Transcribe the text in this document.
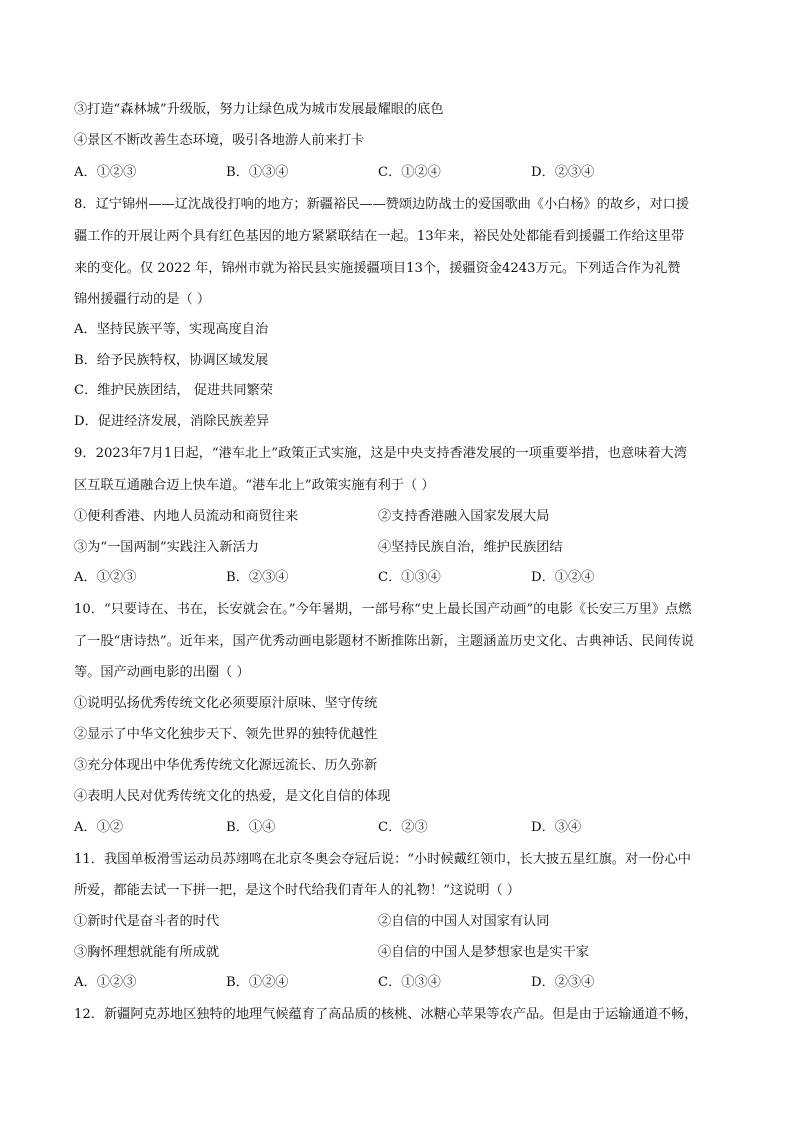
③打造“森林城”升级版，努力让绿色成为城市发展最耀眼的底色
④景区不断改善生态环境，吸引各地游人前来打卡
A．①②③	B．①③④	C．①②④	D．②③④
8．辽宁锦州——辽沈战役打响的地方；新疆裕民——赞颂边防战士的爱国歌曲《小白杨》的故乡，对口援
疆工作的开展让两个具有红色基因的地方紧紧联结在一起。13年来，裕民处处都能看到援疆工作给这里带
来的变化。仅 2022 年，锦州市就为裕民县实施援疆项目13个，援疆资金4243万元。下列适合作为礼赞
锦州援疆行动的是（ ）
A．坚持民族平等，实现高度自治
B．给予民族特权，协调区域发展
C．维护民族团结， 促进共同繁荣
D．促进经济发展，消除民族差异
9．2023年7月1日起，“港车北上”政策正式实施，这是中央支持香港发展的一项重要举措，也意味着大湾
区互联互通融合迈上快车道。“港车北上”政策实施有利于（ ）
①便利香港、内地人员流动和商贸往来	②支持香港融入国家发展大局
③为“一国两制”实践注入新活力	④坚持民族自治，维护民族团结
A．①②③	B．②③④	C．①③④	D．①②④
10．“只要诗在、书在，长安就会在。”今年暑期，一部号称“史上最长国产动画”的电影《长安三万里》点燃
了一股“唐诗热”。近年来，国产优秀动画电影题材不断推陈出新，主题涵盖历史文化、古典神话、民间传说
等。国产动画电影的出圈（ ）
①说明弘扬优秀传统文化必须要原汁原味、坚守传统
②显示了中华文化独步天下、领先世界的独特优越性
③充分体现出中华优秀传统文化源远流长、历久弥新
④表明人民对优秀传统文化的热爱，是文化自信的体现
A．①②	B．①④	C．②③	D．③④
11．我国单板滑雪运动员苏翊鸣在北京冬奥会夺冠后说：“小时候戴红领巾，长大披五星红旗。对一份心中
所爱，都能去试一下拼一把，是这个时代给我们青年人的礼物！”这说明（ ）
①新时代是奋斗者的时代	②自信的中国人对国家有认同
③胸怀理想就能有所成就	④自信的中国人是梦想家也是实干家
A．①②③	B．①②④	C．①③④	D．②③④
12．新疆阿克苏地区独特的地理气候蕴育了高品质的核桃、冰糖心苹果等农产品。但是由于运输通道不畅，
